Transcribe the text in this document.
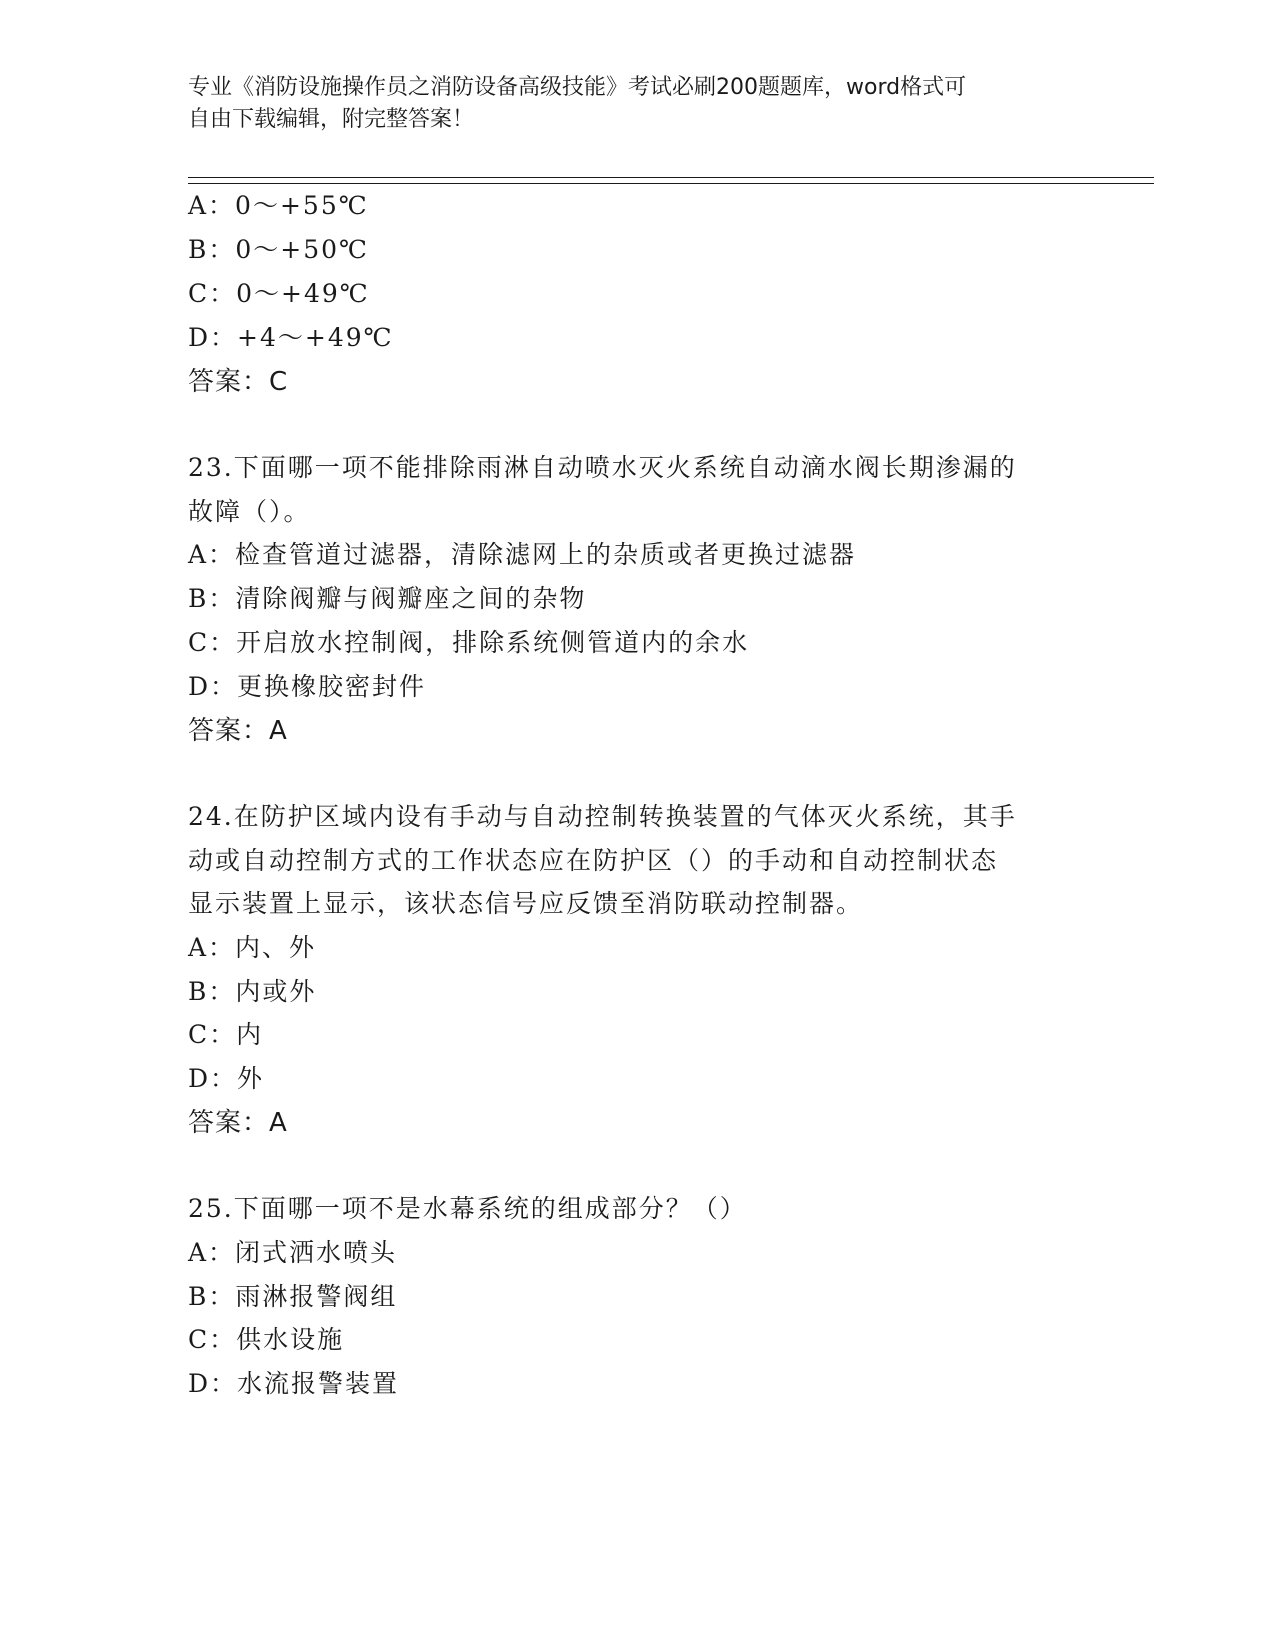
专业《消防设施操作员之消防设备高级技能》考试必刷200题题库，word格式可
自由下载编辑，附完整答案！
A：0～+55℃
B：0～+50℃
C：0～+49℃
D：+4～+49℃
答案：C
23.下面哪一项不能排除雨淋自动喷水灭火系统自动滴水阀长期渗漏的
故障（）。
A：检查管道过滤器，清除滤网上的杂质或者更换过滤器
B：清除阀瓣与阀瓣座之间的杂物
C：开启放水控制阀，排除系统侧管道内的余水
D：更换橡胶密封件
答案：A
24.在防护区域内设有手动与自动控制转换装置的气体灭火系统，其手
动或自动控制方式的工作状态应在防护区（）的手动和自动控制状态
显示装置上显示，该状态信号应反馈至消防联动控制器。
A：内、外
B：内或外
C：内
D：外
答案：A
25.下面哪一项不是水幕系统的组成部分？（）
A：闭式洒水喷头
B：雨淋报警阀组
C：供水设施
D：水流报警装置
